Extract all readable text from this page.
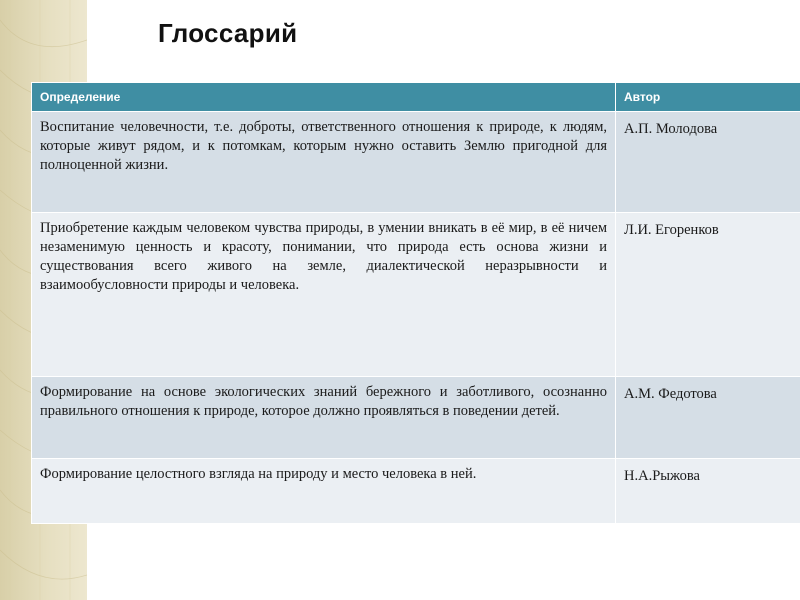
Глоссарий
Определение	Автор
Воспитание человечности, т.е. доброты, ответственного отношения к природе, к людям, которые живут рядом, и к потомкам, которым нужно оставить Землю пригодной для полноценной жизни.	А.П. Молодова
Приобретение каждым человеком чувства природы, в умении вникать в её мир, в её ничем незаменимую ценность и красоту, понимании, что природа есть основа жизни и существования всего живого на земле, диалектической неразрывности и взаимообусловности природы и человека.	Л.И. Егоренков
Формирование на основе экологических знаний бережного и заботливого, осознанно правильного отношения к природе, которое должно проявляться в поведении детей.	А.М. Федотова
Формирование целостного взгляда на природу и место человека в ней.	Н.А.Рыжова
